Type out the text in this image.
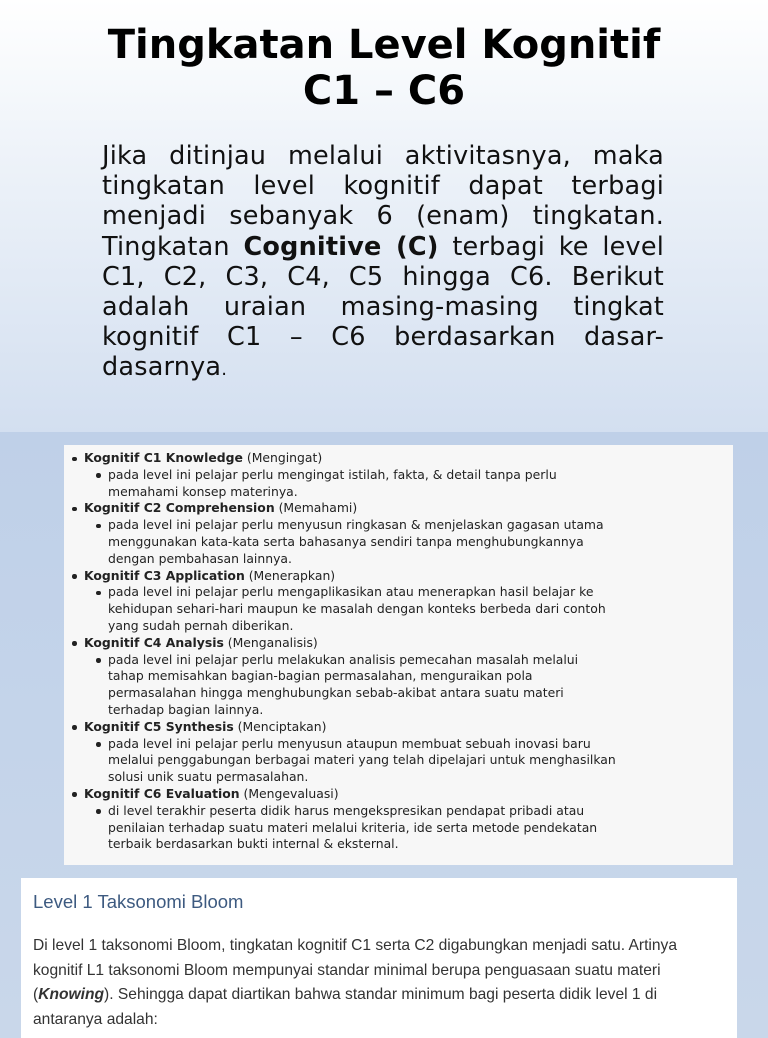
Tingkatan Level Kognitif
C1 – C6

Jika ditinjau melalui aktivitasnya, maka tingkatan level kognitif dapat terbagi menjadi sebanyak 6 (enam) tingkatan. Tingkatan Cognitive (C) terbagi ke level C1, C2, C3, C4, C5 hingga C6. Berikut adalah uraian masing-masing tingkat kognitif C1 – C6 berdasarkan dasar-dasarnya.

Kognitif C1 Knowledge (Mengingat)
pada level ini pelajar perlu mengingat istilah, fakta, & detail tanpa perlu
memahami konsep materinya.
Kognitif C2 Comprehension (Memahami)
pada level ini pelajar perlu menyusun ringkasan & menjelaskan gagasan utama
menggunakan kata-kata serta bahasanya sendiri tanpa menghubungkannya
dengan pembahasan lainnya.
Kognitif C3 Application (Menerapkan)
pada level ini pelajar perlu mengaplikasikan atau menerapkan hasil belajar ke
kehidupan sehari-hari maupun ke masalah dengan konteks berbeda dari contoh
yang sudah pernah diberikan.
Kognitif C4 Analysis (Menganalisis)
pada level ini pelajar perlu melakukan analisis pemecahan masalah melalui
tahap memisahkan bagian-bagian permasalahan, menguraikan pola
permasalahan hingga menghubungkan sebab-akibat antara suatu materi
terhadap bagian lainnya.
Kognitif C5 Synthesis (Menciptakan)
pada level ini pelajar perlu menyusun ataupun membuat sebuah inovasi baru
melalui penggabungan berbagai materi yang telah dipelajari untuk menghasilkan
solusi unik suatu permasalahan.
Kognitif C6 Evaluation (Mengevaluasi)
di level terakhir peserta didik harus mengekspresikan pendapat pribadi atau
penilaian terhadap suatu materi melalui kriteria, ide serta metode pendekatan
terbaik berdasarkan bukti internal & eksternal.
Level 1 Taksonomi Bloom

Di level 1 taksonomi Bloom, tingkatan kognitif C1 serta C2 digabungkan menjadi satu. Artinya kognitif L1 taksonomi Bloom mempunyai standar minimal berupa penguasaan suatu materi (Knowing). Sehingga dapat diartikan bahwa standar minimum bagi peserta didik level 1 di antaranya adalah:
